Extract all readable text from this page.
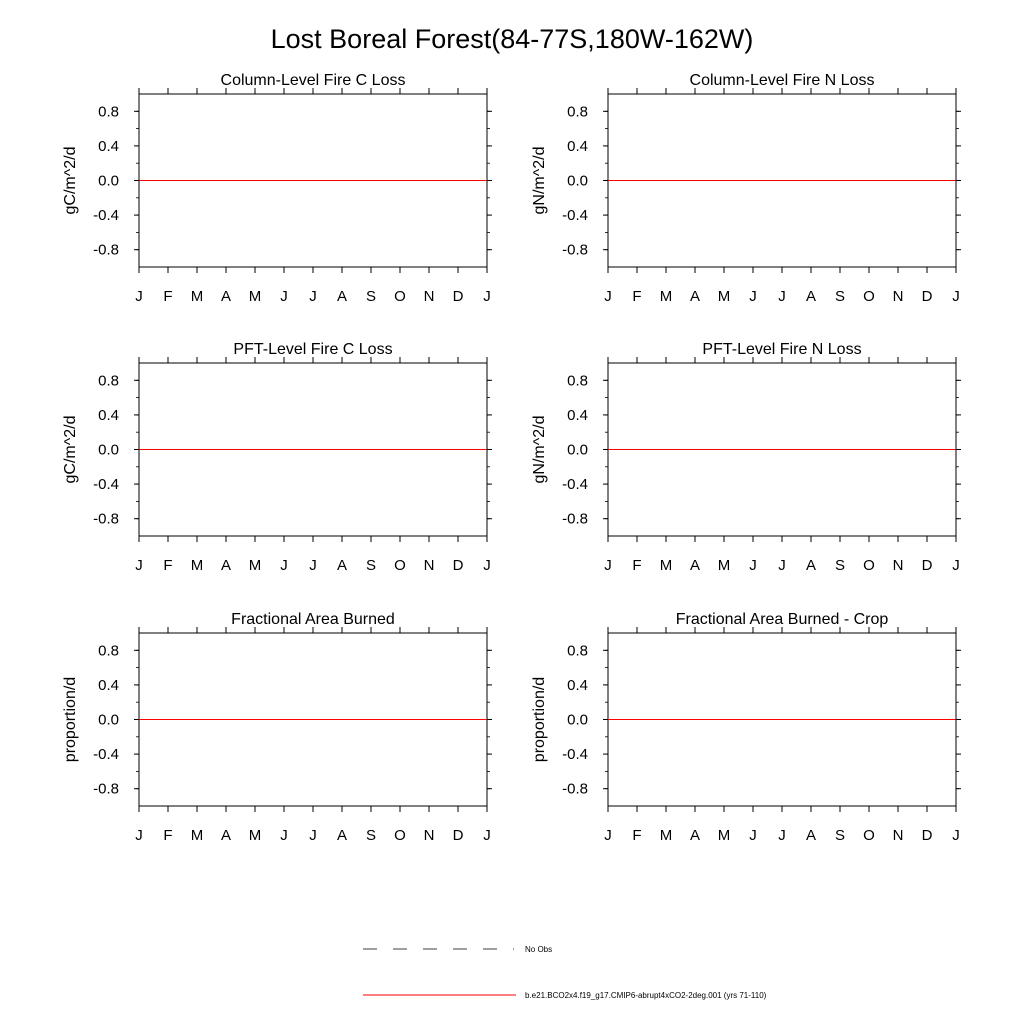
Lost Boreal Forest(84-77S,180W-162W)
Column-Level Fire C Loss
gC/m^2/d
0.8
0.4
0.0
-0.4
-0.8
J F M A M J J A S O N D J
Column-Level Fire N Loss
gN/m^2/d
0.8
0.4
0.0
-0.4
-0.8
J F M A M J J A S O N D J
PFT-Level Fire C Loss
gC/m^2/d
0.8
0.4
0.0
-0.4
-0.8
J F M A M J J A S O N D J
PFT-Level Fire N Loss
gN/m^2/d
0.8
0.4
0.0
-0.4
-0.8
J F M A M J J A S O N D J
Fractional Area Burned
proportion/d
0.8
0.4
0.0
-0.4
-0.8
J F M A M J J A S O N D J
Fractional Area Burned - Crop
proportion/d
0.8
0.4
0.0
-0.4
-0.8
J F M A M J J A S O N D J
No Obs
b.e21.BCO2x4.f19_g17.CMIP6-abrupt4xCO2-2deg.001 (yrs 71-110)
